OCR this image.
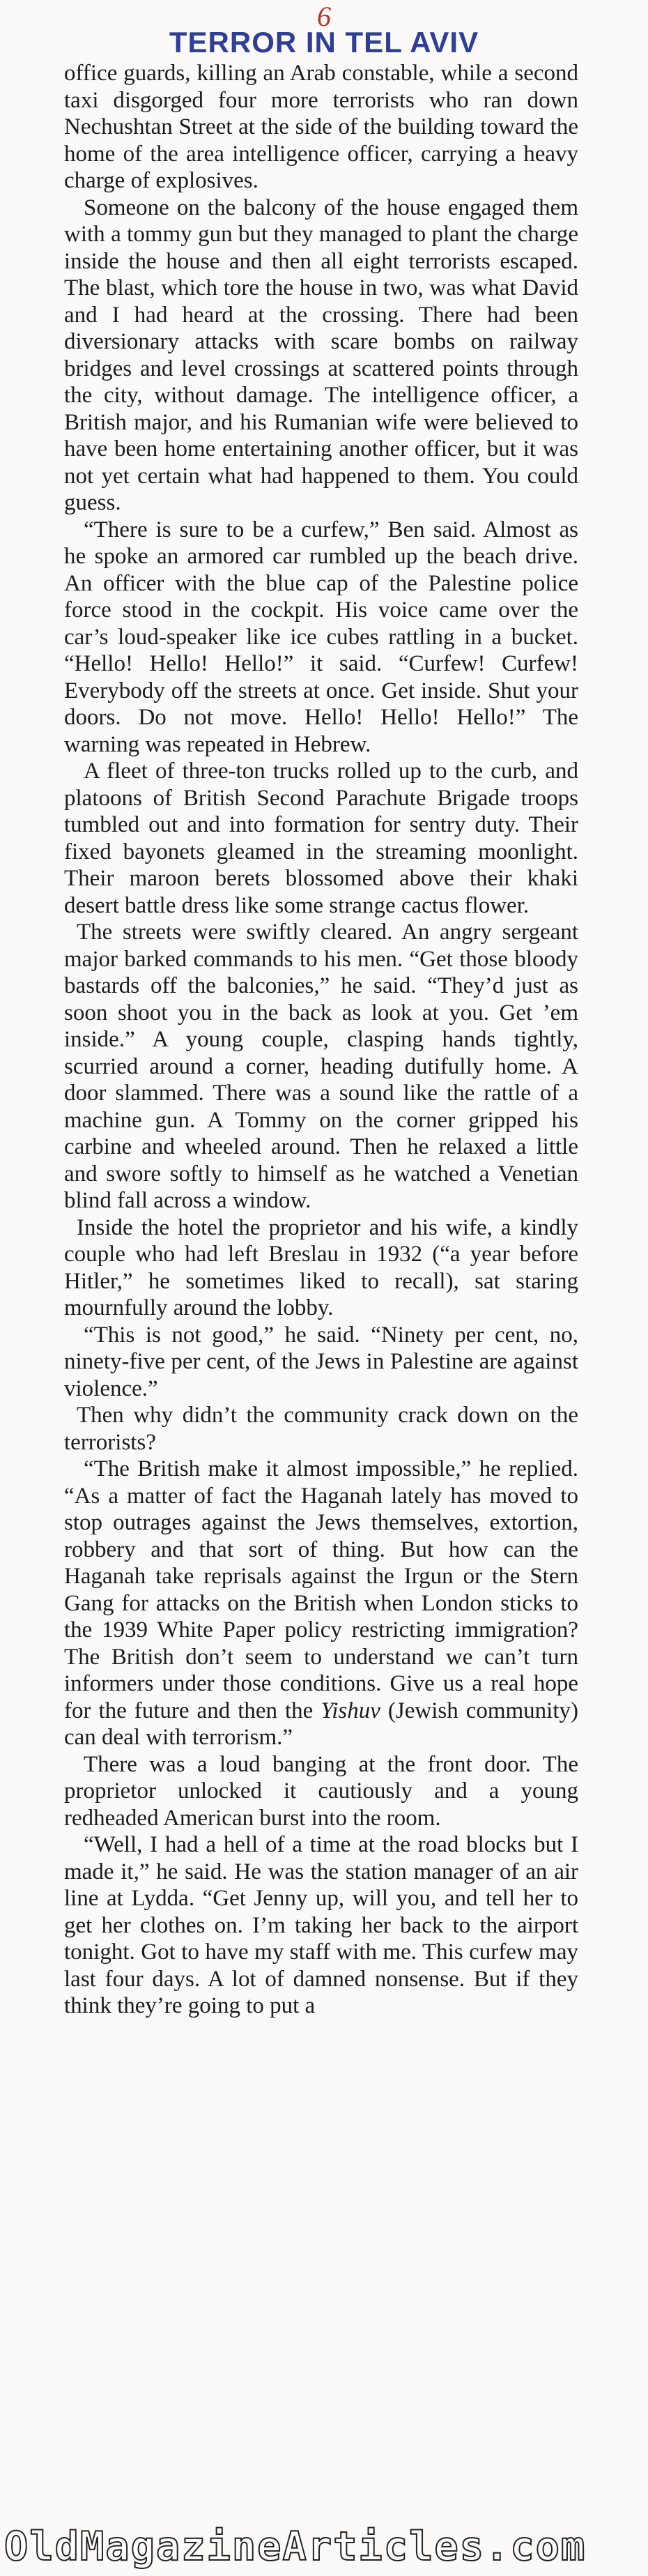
6
TERROR IN TEL AVIV

office guards, killing an Arab constable, while a second taxi disgorged four more terrorists who ran down Nechushtan Street at the side of the building toward the home of the area intelligence officer, carrying a heavy charge of explosives.

Someone on the balcony of the house engaged them with a tommy gun but they managed to plant the charge inside the house and then all eight terrorists escaped. The blast, which tore the house in two, was what David and I had heard at the crossing. There had been diversionary attacks with scare bombs on railway bridges and level crossings at scattered points through the city, without damage. The intelligence officer, a British major, and his Rumanian wife were believed to have been home entertaining another officer, but it was not yet certain what had happened to them. You could guess.

“There is sure to be a curfew,” Ben said. Almost as he spoke an armored car rumbled up the beach drive. An officer with the blue cap of the Palestine police force stood in the cockpit. His voice came over the car’s loud-speaker like ice cubes rattling in a bucket. “Hello! Hello! Hello!” it said. “Curfew! Curfew! Everybody off the streets at once. Get inside. Shut your doors. Do not move. Hello! Hello! Hello!” The warning was repeated in Hebrew.

A fleet of three-ton trucks rolled up to the curb, and platoons of British Second Parachute Brigade troops tumbled out and into formation for sentry duty. Their fixed bayonets gleamed in the streaming moonlight. Their maroon berets blossomed above their khaki desert battle dress like some strange cactus flower.

The streets were swiftly cleared. An angry sergeant major barked commands to his men. “Get those bloody bastards off the balconies,” he said. “They’d just as soon shoot you in the back as look at you. Get ’em inside.” A young couple, clasping hands tightly, scurried around a corner, heading dutifully home. A door slammed. There was a sound like the rattle of a machine gun. A Tommy on the corner gripped his carbine and wheeled around. Then he relaxed a little and swore softly to himself as he watched a Venetian blind fall across a window.

Inside the hotel the proprietor and his wife, a kindly couple who had left Breslau in 1932 (“a year before Hitler,” he sometimes liked to recall), sat staring mournfully around the lobby.

“This is not good,” he said. “Ninety per cent, no, ninety-five per cent, of the Jews in Palestine are against violence.”

Then why didn’t the community crack down on the terrorists?

“The British make it almost impossible,” he replied. “As a matter of fact the Haganah lately has moved to stop outrages against the Jews themselves, extortion, robbery and that sort of thing. But how can the Haganah take reprisals against the Irgun or the Stern Gang for attacks on the British when London sticks to the 1939 White Paper policy restricting immigration? The British don’t seem to understand we can’t turn informers under those conditions. Give us a real hope for the future and then the Yishuv (Jewish community) can deal with terrorism.”

There was a loud banging at the front door. The proprietor unlocked it cautiously and a young redheaded American burst into the room.

“Well, I had a hell of a time at the road blocks but I made it,” he said. He was the station manager of an air line at Lydda. “Get Jenny up, will you, and tell her to get her clothes on. I’m taking her back to the airport tonight. Got to have my staff with me. This curfew may last four days. A lot of damned nonsense. But if they think they’re going to put a

OldMagazineArticles.com
